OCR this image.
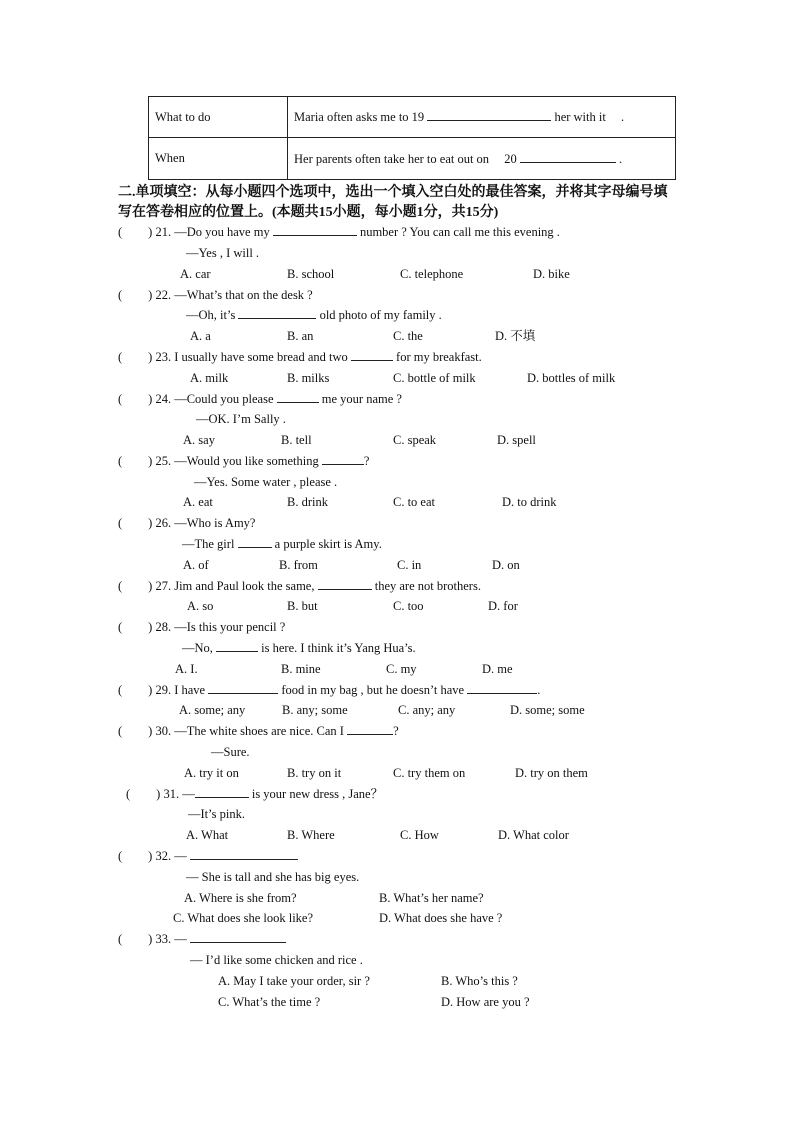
What to do	Maria often asks me to 19 her with it .
When	Her parents often take her to eat out on 20 .
二.单项填空：从每小题四个选项中，选出一个填入空白处的最佳答案，并将其字母编号填写在答卷相应的位置上。(本题共15小题，每小题1分，共15分)
( ) 21. —Do you have my	number ? You can call me this evening .
—Yes , I will .
A. car	B. school	C. telephone	D. bike
( ) 22. —What’s that on the desk ?
—Oh, it’s	old photo of my family .
A. a	B. an	C. the	D. 不填
( ) 23. I usually have some bread and two	for my breakfast.
A. milk	B. milks	C. bottle of milk	D. bottles of milk
( ) 24. —Could you please	me your name ?
—OK. I’m Sally .
A. say	B. tell	C. speak	D. spell
( ) 25. —Would you like something	?
—Yes. Some water , please .
A. eat	B. drink	C. to eat	D. to drink
( ) 26. —Who is Amy?
—The girl	a purple skirt is Amy.
A. of	B. from	C. in	D. on
( ) 27. Jim and Paul look the same,	they are not brothers.
A. so	B. but	C. too	D. for
( ) 28. —Is this your pencil ?
—No,	is here. I think it’s Yang Hua’s.
A. I.	B. mine	C. my	D. me
( ) 29. I have	food in my bag , but he doesn’t have	.
A. some; any	B. any; some	C. any; any	D. some; some
( ) 30. —The white shoes are nice. Can I	?
—Sure.
A. try it on	B. try on it	C. try them on	D. try on them
( ) 31. —	is your new dress , Jane？
—It’s pink.
A. What	B. Where	C. How	D. What color
( ) 32. —
— She is tall and she has big eyes.
A. Where is she from?	B. What’s her name?
C. What does she look like?	D. What does she have ?
( ) 33. —
— I’d like some chicken and rice .
A. May I take your order, sir ?	B. Who’s this ?
C. What’s the time ?	D. How are you ?
